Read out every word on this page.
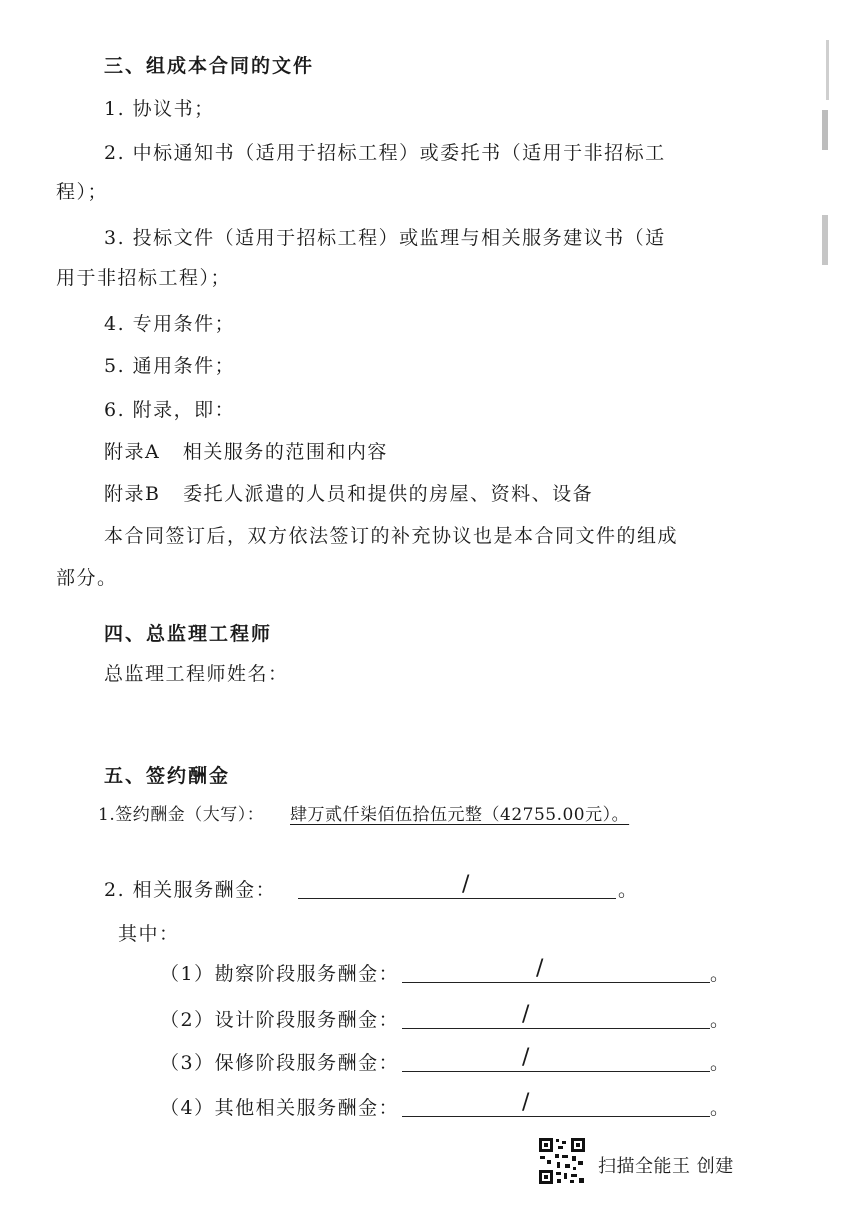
三、组成本合同的文件
1. 协议书；
2. 中标通知书（适用于招标工程）或委托书（适用于非招标工
程）；
3. 投标文件（适用于招标工程）或监理与相关服务建议书（适
用于非招标工程）；
4. 专用条件；
5. 通用条件；
6. 附录，即：
附录A   相关服务的范围和内容
附录B   委托人派遣的人员和提供的房屋、资料、设备
本合同签订后，双方依法签订的补充协议也是本合同文件的组成
部分。
四、总监理工程师
总监理工程师姓名：
五、签约酬金
1.签约酬金（大写）： 肆万贰仟柒佰伍拾伍元整（42755.00元）。
2. 相关服务酬金：	/	。
其中：
（1）勘察阶段服务酬金：	/	。
（2）设计阶段服务酬金：	/	。
（3）保修阶段服务酬金：	/	。
（4）其他相关服务酬金：	/	。
扫描全能王 创建
